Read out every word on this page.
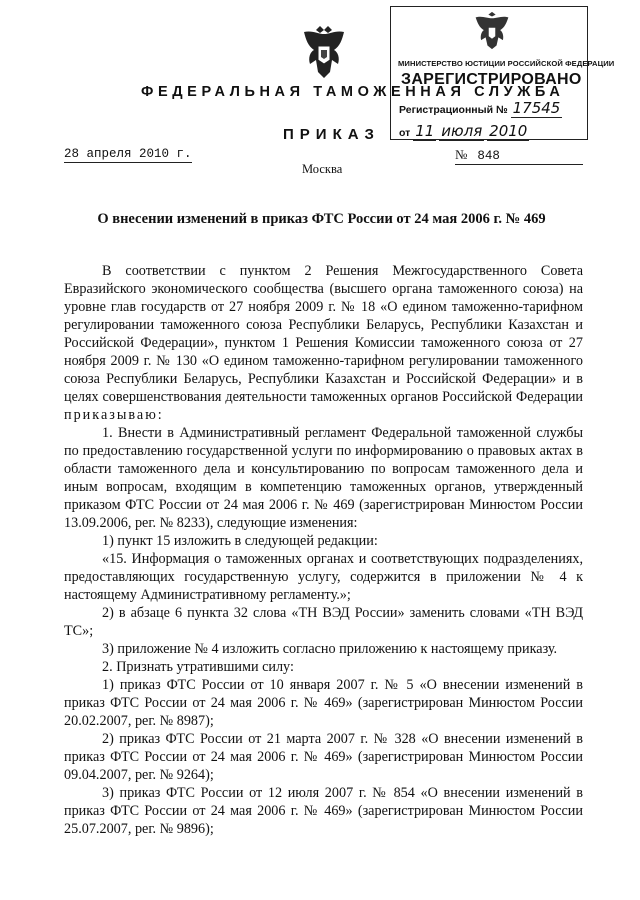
ФЕДЕРАЛЬНАЯ ТАМОЖЕННАЯ СЛУЖБА
ПРИКАЗ
МИНИСТЕРСТВО ЮСТИЦИИ РОССИЙСКОЙ ФЕДЕРАЦИИ
ЗАРЕГИСТРИРОВАНО
Регистрационный № 17545
от 11 июля 2010
28 апреля 2010 г.	№ 848
Москва
О внесении изменений в приказ ФТС России от 24 мая 2006 г. № 469

В соответствии с пунктом 2 Решения Межгосударственного Совета Евразийского экономического сообщества (высшего органа таможенного союза) на уровне глав государств от 27 ноября 2009 г. № 18 «О едином таможенно-тарифном регулировании таможенного союза Республики Беларусь, Республики Казахстан и Российской Федерации», пунктом 1 Решения Комиссии таможенного союза от 27 ноября 2009 г. № 130 «О едином таможенно-тарифном регулировании таможенного союза Республики Беларусь, Республики Казахстан и Российской Федерации» и в целях совершенствования деятельности таможенных органов Российской Федерации приказываю:

1. Внести в Административный регламент Федеральной таможенной службы по предоставлению государственной услуги по информированию о правовых актах в области таможенного дела и консультированию по вопросам таможенного дела и иным вопросам, входящим в компетенцию таможенных органов, утвержденный приказом ФТС России от 24 мая 2006 г. № 469 (зарегистрирован Минюстом России 13.09.2006, рег. № 8233), следующие изменения:

1) пункт 15 изложить в следующей редакции:

«15. Информация о таможенных органах и соответствующих подразделениях, предоставляющих государственную услугу, содержится в приложении № 4 к настоящему Административному регламенту.»;

2) в абзаце 6 пункта 32 слова «ТН ВЭД России» заменить словами «ТН ВЭД ТС»;

3) приложение № 4 изложить согласно приложению к настоящему приказу.

2. Признать утратившими силу:

1) приказ ФТС России от 10 января 2007 г. № 5 «О внесении изменений в приказ ФТС России от 24 мая 2006 г. № 469» (зарегистрирован Минюстом России 20.02.2007, рег. № 8987);

2) приказ ФТС России от 21 марта 2007 г. № 328 «О внесении изменений в приказ ФТС России от 24 мая 2006 г. № 469» (зарегистрирован Минюстом России 09.04.2007, рег. № 9264);

3) приказ ФТС России от 12 июля 2007 г. № 854 «О внесении изменений в приказ ФТС России от 24 мая 2006 г. № 469» (зарегистрирован Минюстом России 25.07.2007, рег. № 9896);
